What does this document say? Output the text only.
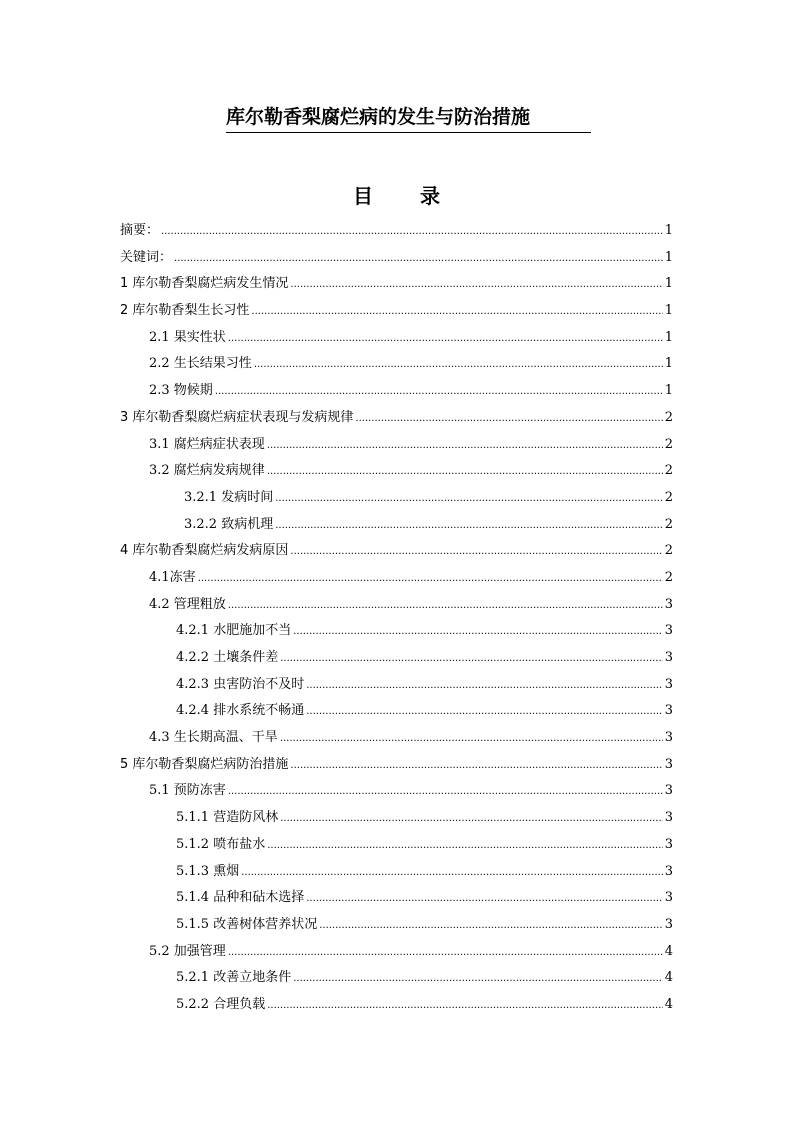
库尔勒香梨腐烂病的发生与防治措施
目 录
摘要： .....	1
关键词： .....	1
1 库尔勒香梨腐烂病发生情况 .....	1
2 库尔勒香梨生长习性 .....	1
2.1 果实性状 .....	1
2.2 生长结果习性 .....	1
2.3 物候期 .....	1
3 库尔勒香梨腐烂病症状表现与发病规律 .....	2
3.1 腐烂病症状表现 .....	2
3.2 腐烂病发病规律 .....	2
3.2.1 发病时间 .....	2
3.2.2 致病机理 .....	2
4 库尔勒香梨腐烂病发病原因 .....	2
4.1冻害 .....	2
4.2 管理粗放 .....	3
4.2.1 水肥施加不当 .....	3
4.2.2 土壤条件差 .....	3
4.2.3 虫害防治不及时 .....	3
4.2.4 排水系统不畅通 .....	3
4.3 生长期高温、干旱 .....	3
5 库尔勒香梨腐烂病防治措施 .....	3
5.1 预防冻害 .....	3
5.1.1 营造防风林 .....	3
5.1.2 喷布盐水 .....	3
5.1.3 熏烟 .....	3
5.1.4 品种和砧木选择 .....	3
5.1.5 改善树体营养状况 .....	3
5.2 加强管理 .....	4
5.2.1 改善立地条件 .....	4
5.2.2 合理负载 .....	4
